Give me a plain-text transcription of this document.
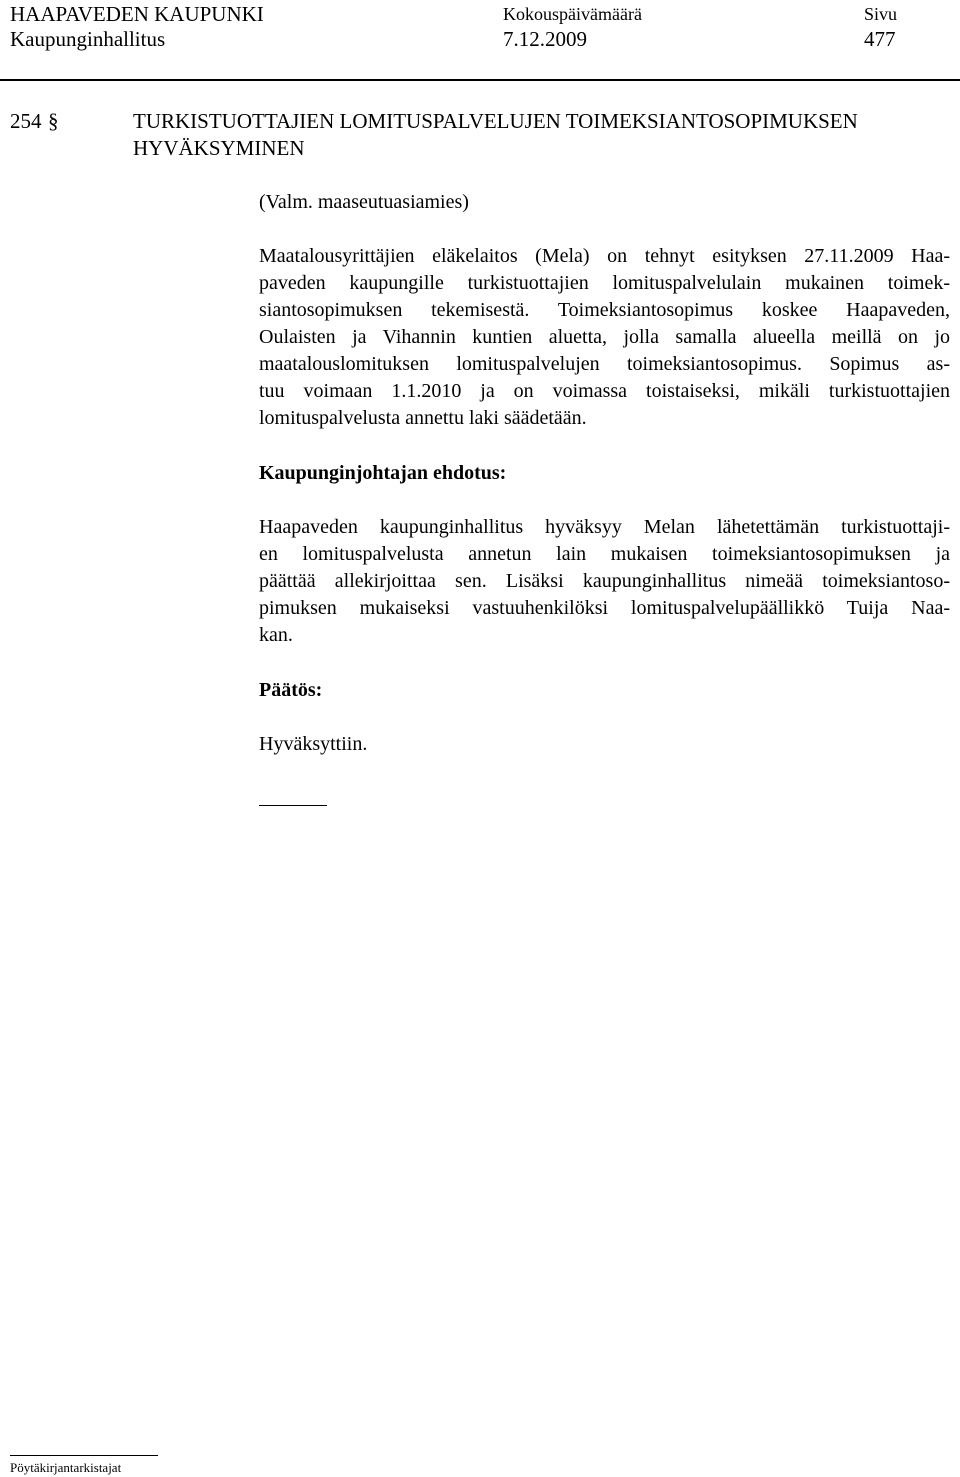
HAAPAVEDEN KAUPUNKI
Kaupunginhallitus
Kokouspäivämäärä
7.12.2009
Sivu
477
254 §	TURKISTUOTTAJIEN LOMITUSPALVELUJEN TOIMEKSIANTOSOPIMUKSEN
HYVÄKSYMINEN
(Valm. maaseutuasiamies)
Maatalousyrittäjien eläkelaitos (Mela) on tehnyt esityksen 27.11.2009 Haa-
paveden kaupungille turkistuottajien lomituspalvelulain mukainen toimek-
siantosopimuksen tekemisestä. Toimeksiantosopimus koskee Haapaveden,
Oulaisten ja Vihannin kuntien aluetta, jolla samalla alueella meillä on jo
maatalouslomituksen lomituspalvelujen toimeksiantosopimus. Sopimus as-
tuu voimaan 1.1.2010 ja on voimassa toistaiseksi, mikäli turkistuottajien
lomituspalvelusta annettu laki säädetään.
Kaupunginjohtajan ehdotus:
Haapaveden kaupunginhallitus hyväksyy Melan lähetettämän turkistuottaji-
en lomituspalvelusta annetun lain mukaisen toimeksiantosopimuksen ja
päättää allekirjoittaa sen. Lisäksi kaupunginhallitus nimeää toimeksiantoso-
pimuksen mukaiseksi vastuuhenkilöksi lomituspalvelupäällikkö Tuija Naa-
kan.
Päätös:
Hyväksyttiin.
Pöytäkirjantarkistajat
